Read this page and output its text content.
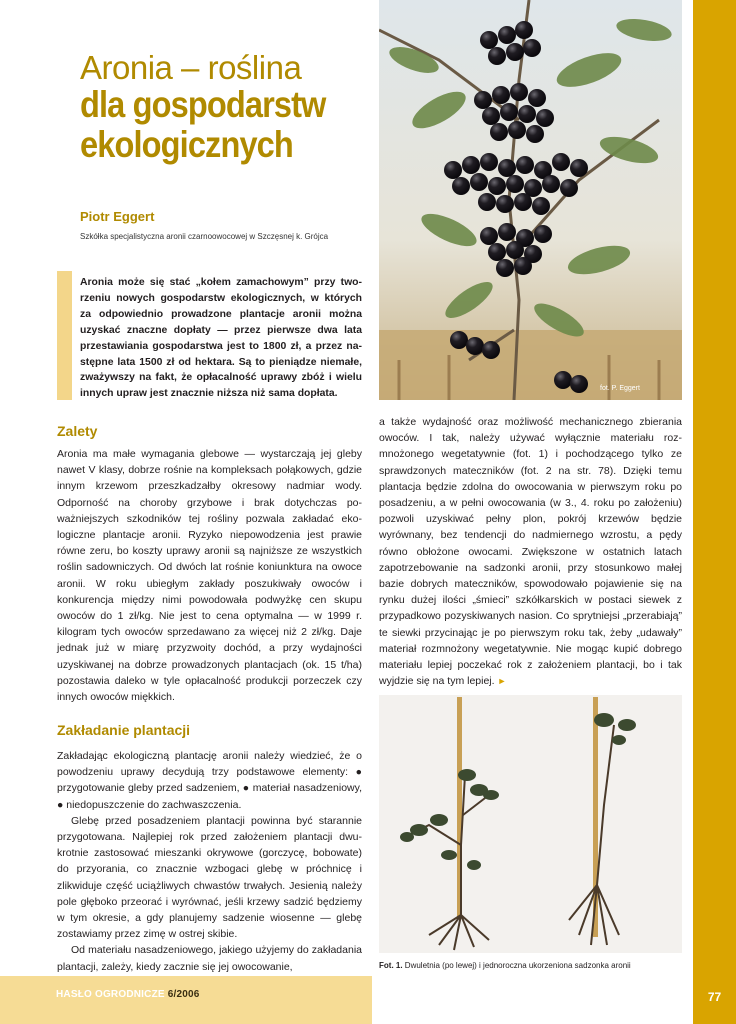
77
HASŁO OGRODNICZE 6/2006
Aronia – roślina
dla gospodarstw
ekologicznych
Piotr Eggert
Szkółka specjalistyczna aronii czarnoowocowej w Szczęsnej k. Grójca

Aronia może się stać „kołem zamachowym” przy tworzeniu nowych gospodarstw ekologicznych, w których za odpowiednio prowadzone plantacje aronii można uzyskać znaczne dopłaty — przez pierwsze dwa lata przestawiania gospodarstwa jest to 1800 zł, a przez następne lata 1500 zł od hektara. Są to pieniądze niemałe, zważywszy na fakt, że opłacalność uprawy zbóż i wielu innych upraw jest znacznie niższa niż sama dopłata.	fot. P. Eggert
Zalety

Aronia ma małe wymagania glebowe — wystarczają jej gleby nawet V klasy, dobrze rośnie na kompleksach połąkowych, gdzie innym krzewom przeszkadzałby okresowy nadmiar wody. Odporność na choroby grzybowe i brak dotychczas poważniejszych szkodników tej rośliny pozwala zakładać ekologiczne plantacje aronii. Ryzyko niepowodzenia jest prawie równe zeru, bo koszty uprawy aronii są najniższe ze wszystkich roślin sadowniczych. Od dwóch lat rośnie koniunktura na owoce aronii. W roku ubiegłym zakłady poszukiwały owoców i konkurencja między nimi powodowała podwyżkę cen skupu owoców do 1 zł/kg. Nie jest to cena optymalna — w 1999 r. kilogram tych owoców sprzedawano za więcej niż 2 zł/kg. Daje jednak już w miarę przyzwoity dochód, a przy wydajności uzyskiwanej na dobrze prowadzonych plantacjach (ok. 15 t/ha) pozostawia daleko w tyle opłacalność produkcji porzeczek czy innych owoców miękkich.

Zakładanie plantacji

Zakładając ekologiczną plantację aronii należy wiedzieć, że o powodzeniu uprawy decydują trzy podstawowe elementy: ● przygotowanie gleby przed sadzeniem, ● materiał nasadzeniowy, ● niedopuszczenie do zachwaszczenia.

Glebę przed posadzeniem plantacji powinna być starannie przygotowana. Najlepiej rok przed założeniem plantacji dwukrotnie zastosować mieszanki okrywowe (gorczycę, bobowate) do przyorania, co znacznie wzbogaci glebę w próchnicę i zlikwiduje część uciążliwych chwastów trwałych. Jesienią należy pole głęboko przeorać i wyrównać, jeśli krzewy sadzić będziemy w tym okresie, a gdy planujemy sadzenie wiosenne — glebę zostawiamy przez zimę w ostrej skibie.

Od materiału nasadzeniowego, jakiego użyjemy do zakładania plantacji, zależy, kiedy zacznie się jej owocowanie,

a także wydajność oraz możliwość mechanicznego zbierania owoców. I tak, należy używać wyłącznie materiału rozmnożonego wegetatywnie (fot. 1) i pochodzącego tylko ze sprawdzonych mateczników (fot. 2 na str. 78). Dzięki temu plantacja będzie zdolna do owocowania w pierwszym roku po posadzeniu, a w pełni owocowania (w 3., 4. roku po założeniu) pozwoli uzyskiwać pełny plon, pokrój krzewów będzie wyrównany, bez tendencji do nadmiernego wzrostu, a pędy równo obłożone owocami. Zwiększone w ostatnich latach zapotrzebowanie na sadzonki aronii, przy stosunkowo małej bazie dobrych mateczników, spowodowało pojawienie się na rynku dużej ilości „śmieci” szkółkarskich w postaci siewek z przypadkowo pozyskiwanych nasion. Co sprytniejsi „przerabiają” te siewki przycinając je po pierwszym roku tak, żeby „udawały” materiał rozmnożony wegetatywnie. Nie mogąc kupić dobrego materiału lepiej poczekać rok z założeniem plantacji, bo i tak wyjdzie się na tym lepiej. ►

Fot. 1. Dwuletnia (po lewej) i jednoroczna ukorzeniona sadzonka aronii
